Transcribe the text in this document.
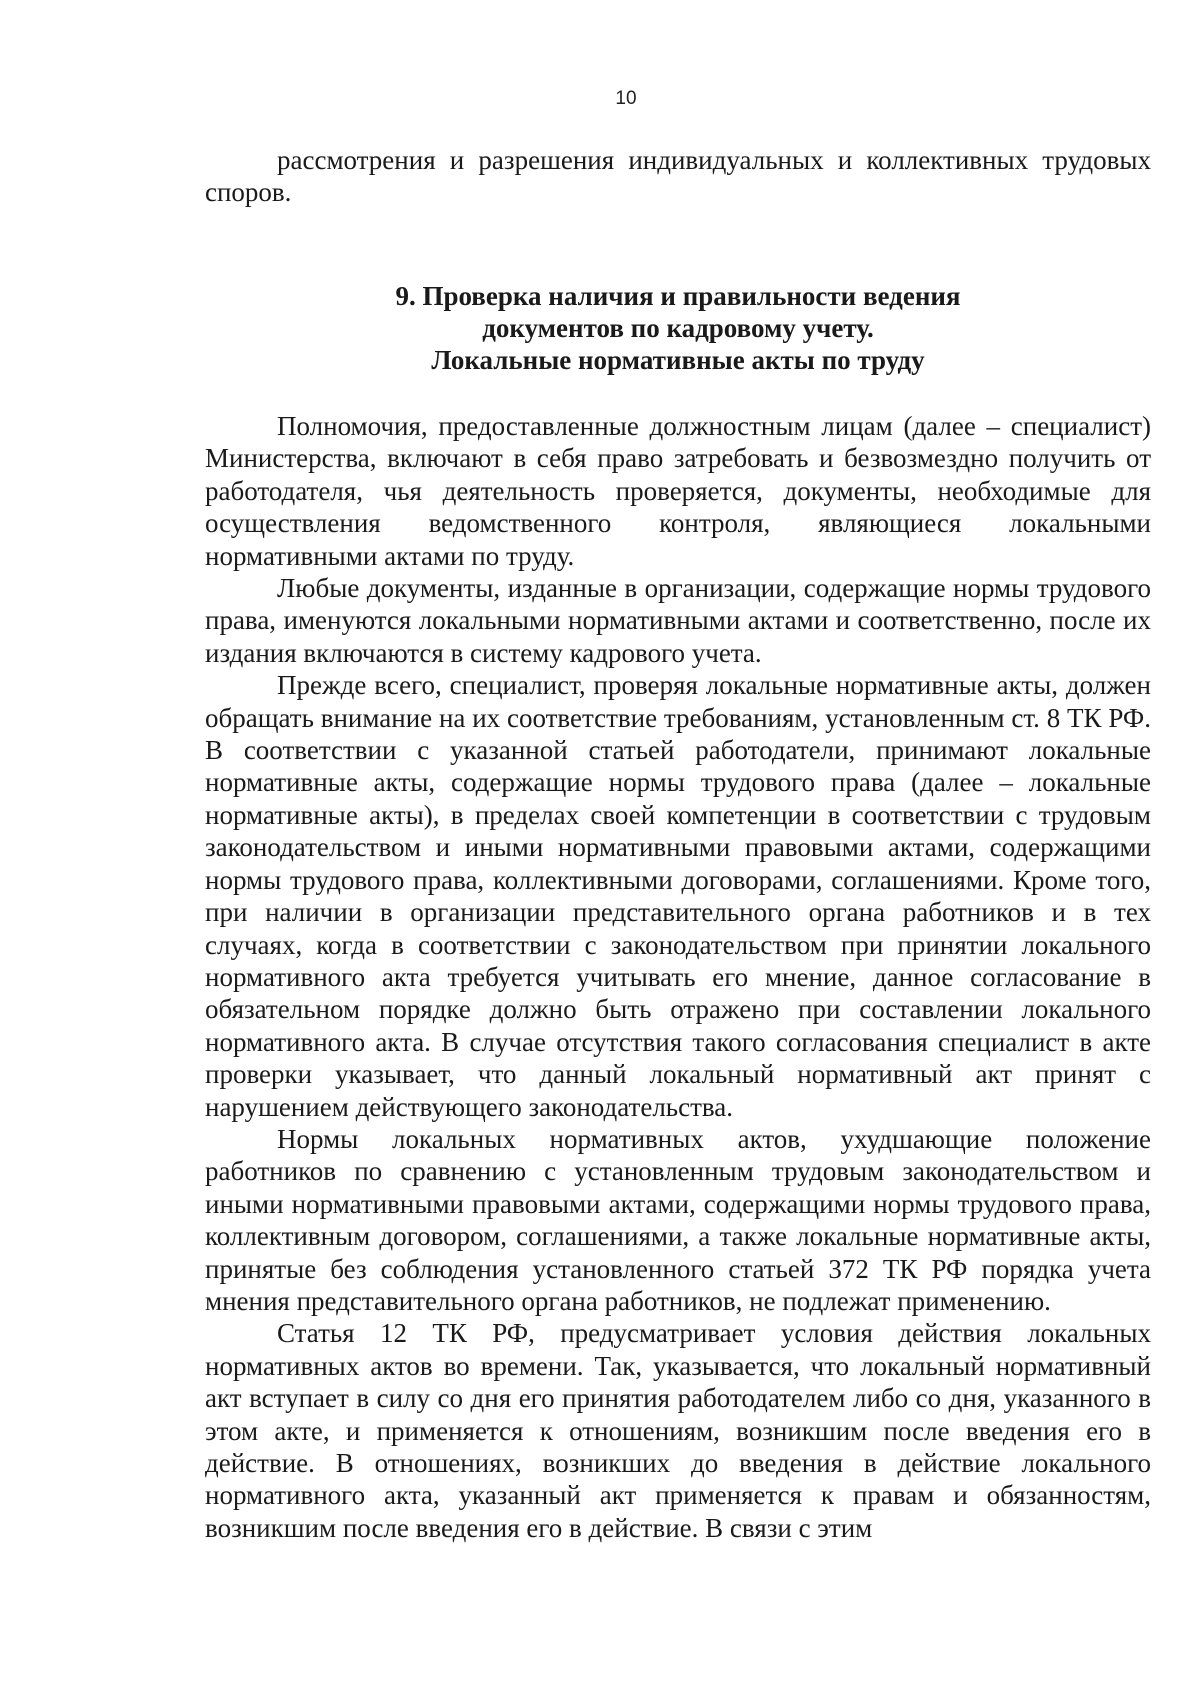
10

рассмотрения и разрешения индивидуальных и коллективных трудовых споров.

9. Проверка наличия и правильности ведения
документов по кадровому учету.
Локальные нормативные акты по труду

Полномочия, предоставленные должностным лицам (далее – специалист) Министерства, включают в себя право затребовать и безвозмездно получить от работодателя, чья деятельность проверяется, документы, необходимые для осуществления ведомственного контроля, являющиеся локальными нормативными актами по труду.

Любые документы, изданные в организации, содержащие нормы трудового права, именуются локальными нормативными актами и соответственно, после их издания включаются в систему кадрового учета.

Прежде всего, специалист, проверяя локальные нормативные акты, должен обращать внимание на их соответствие требованиям, установленным ст. 8 ТК РФ. В соответствии с указанной статьей работодатели, принимают локальные нормативные акты, содержащие нормы трудового права (далее – локальные нормативные акты), в пределах своей компетенции в соответствии с трудовым законодательством и иными нормативными правовыми актами, содержащими нормы трудового права, коллективными договорами, соглашениями. Кроме того, при наличии в организации представительного органа работников и в тех случаях, когда в соответствии с законодательством при принятии локального нормативного акта требуется учитывать его мнение, данное согласование в обязательном порядке должно быть отражено при составлении локального нормативного акта. В случае отсутствия такого согласования специалист в акте проверки указывает, что данный локальный нормативный акт принят с нарушением действующего законодательства.

Нормы локальных нормативных актов, ухудшающие положение работников по сравнению с установленным трудовым законодательством и иными нормативными правовыми актами, содержащими нормы трудового права, коллективным договором, соглашениями, а также локальные нормативные акты, принятые без соблюдения установленного статьей 372 ТК РФ порядка учета мнения представительного органа работников, не подлежат применению.

Статья 12 ТК РФ, предусматривает условия действия локальных нормативных актов во времени. Так, указывается, что локальный нормативный акт вступает в силу со дня его принятия работодателем либо со дня, указанного в этом акте, и применяется к отношениям, возникшим после введения его в действие. В отношениях, возникших до введения в действие локального нормативного акта, указанный акт применяется к правам и обязанностям, возникшим после введения его в действие. В связи с этим
